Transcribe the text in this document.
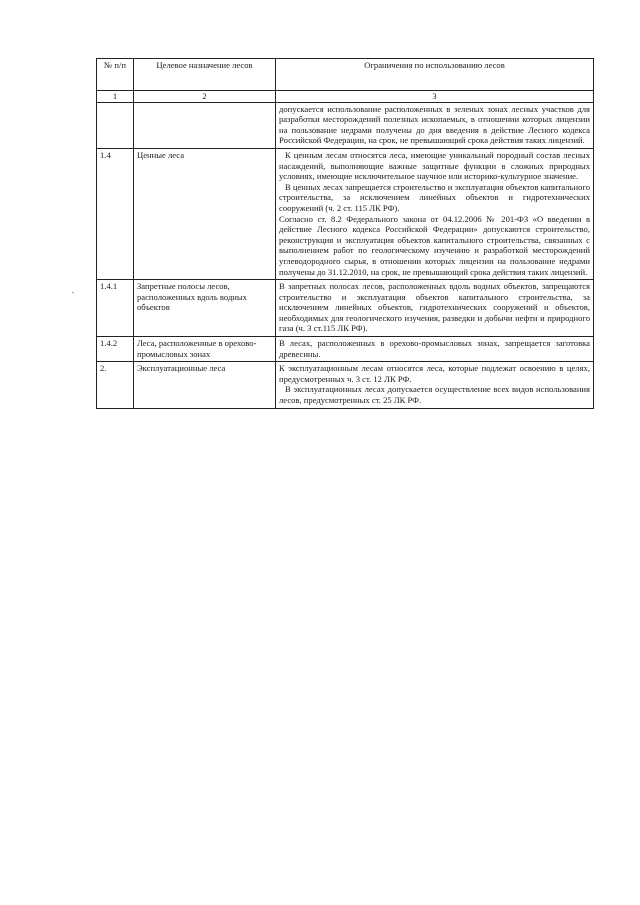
№ п/п	Целевое назначение лесов	Ограничения по использованию лесов
1	2	3

		допускается использование расположенных в зеленых зонах лесных участков для разработки месторождений полезных ископаемых, в отношении которых лицензии на пользование недрами получены до дня введения в действие Лесного кодекса Российской Федерации, на срок, не превышающий срока действия таких лицензий.

1.4	Ценные леса	К ценным лесам относятся леса, имеющие уникальный породный состав лесных насаждений, выполняющие важные защитные функции в сложных природных условиях, имеющие исключительное научное или историко-культурное значение.

В ценных лесах запрещается строительство и эксплуатация объектов капитального строительства, за исключением линейных объектов и гидротехнических сооружений (ч. 2 ст. 115 ЛК РФ).

Согласно ст. 8.2 Федерального закона от 04.12.2006 № 201-ФЗ «О введении в действие Лесного кодекса Российской Федерации» допускаются строительство, реконструкция и эксплуатация объектов капитального строительства, связанных с выполнением работ по геологическому изучению и разработкой месторождений углеводородного сырья, в отношении которых лицензии на пользование недрами получены до 31.12.2010, на срок, не превышающий срока действия таких лицензий.

1.4.1	Запретные полосы лесов, расположенных вдоль водных объектов	В запретных полосах лесов, расположенных вдоль водных объектов, запрещаются строительство и эксплуатация объектов капитального строительства, за исключением линейных объектов, гидротехнических сооружений и объектов, необходимых для геологического изучения, разведки и добычи нефти и природного газа (ч. 3 ст.115 ЛК РФ).

1.4.2	Леса, расположенные в орехово-промысловых зонах	В лесах, расположенных в орехово-промысловых зонах, запрещается заготовка древесины.

2.	Эксплуатационные леса	К эксплуатационным лесам относятся леса, которые подлежат освоению в целях, предусмотренных ч. 3 ст. 12 ЛК РФ.

В эксплуатационных лесах допускается осуществление всех видов использования лесов, предусмотренных ст. 25 ЛК РФ.
